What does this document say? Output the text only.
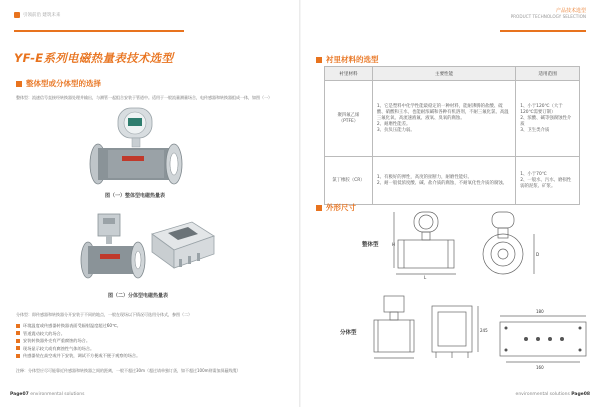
引领前沿 建筑未来
YF-E系列电磁热量表技术选型
整体型或分体型的选择
整体型：流速信号直接经转换器处理并输出，与测管一起组合安装于管道中。适用于一般流量测量场合，电传感器和转换器组成一体，如图（一）
图（一）整体型电磁热量表
图（二）分体型电磁热量表
分体型：即传感器和转换器分开安装于不同的地点，一般在现场以下情况可选用分体式，参图（二）
环境温度或传感器转换器表面受辐射温度超过60℃。
管道震动较大的场合。
安装转换器外壳有严重腐蚀的场合。
现场显示较大或有腐蚀性气体的场合。
传感器装在高空或井下安装，调试不方便或不便于观察的场合。
注释：分体型应尽可能靠近传感器和转换器之间的距离，一般不超过30m（超过请单独订货，如不超过100m则需加屏蔽线缆）
Page07 environmental solutions
产品技术选型
PRODUCT TECHNOLOGY SELECTION
衬里材料的选型
衬里材料	主要性能	适用范围
聚四氟乙烯（PTFE）	1、它是塑料中化学性能最稳定的一种材料，能耐沸腾的盐酸、硫酸、硝酸和王水，也能耐浓碱和各种有机溶剂，不耐三氟化氯、高温三氟化氧、高流速液氟、液氧、臭氧的腐蚀。
2、耐磨性能差。
3、抗负压能力弱。	1、小于120℃（大于120℃需要订制）
2、浓酸、碱等强腐蚀性介质
3、卫生类介质

氯丁橡胶（CR）	1、有极好的弹性，高度的扯断力，耐磨性能好。
2、耐一般低浓度酸、碱、盐介质的腐蚀，不耐氧化性介质的腐蚀。	1、小于70℃
2、一般水、污水、磨损性弱的泥浆、矿浆。
外形尺寸
整体型	H
L
D
分体型	245
180
160
environmental solutions Page08
